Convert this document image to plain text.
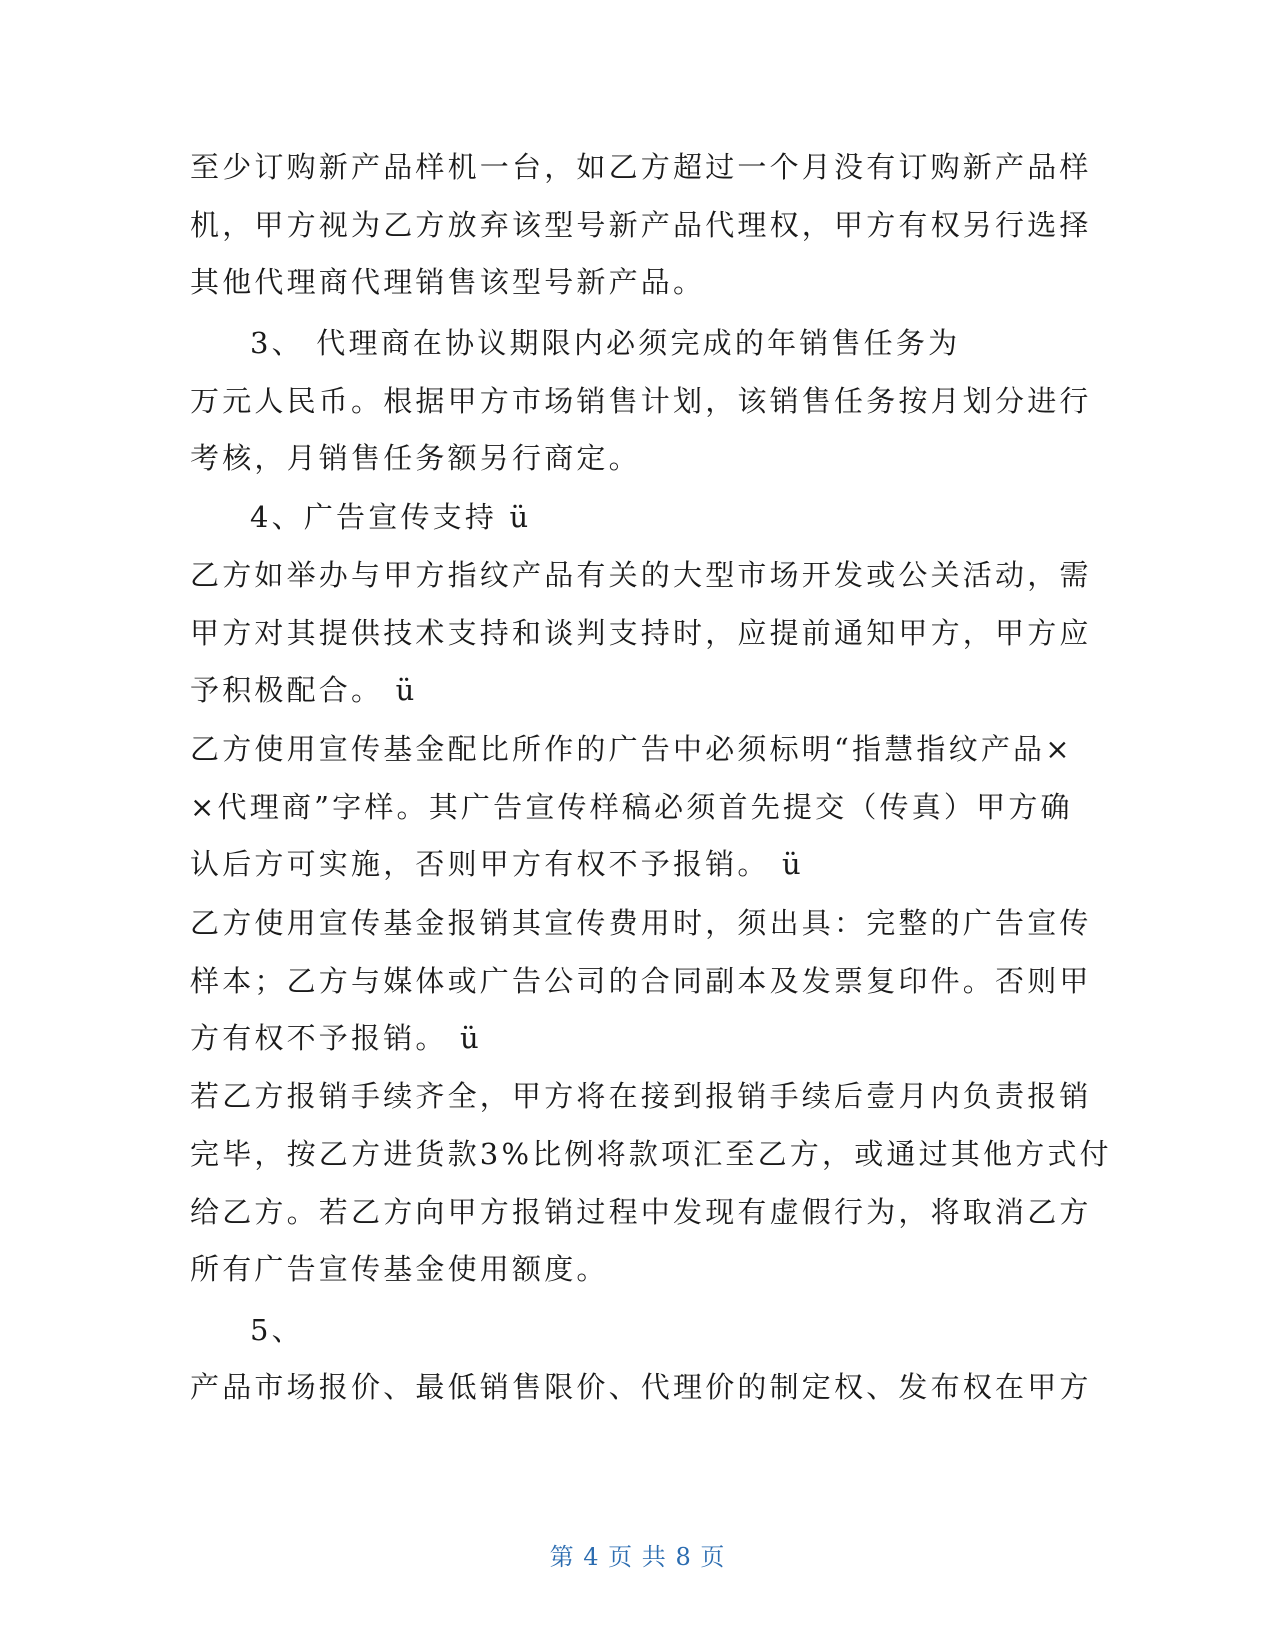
至少订购新产品样机一台，如乙方超过一个月没有订购新产品样
机，甲方视为乙方放弃该型号新产品代理权，甲方有权另行选择
其他代理商代理销售该型号新产品。
3、 代理商在协议期限内必须完成的年销售任务为
万元人民币。根据甲方市场销售计划，该销售任务按月划分进行
考核，月销售任务额另行商定。
4、广告宣传支持 ü
乙方如举办与甲方指纹产品有关的大型市场开发或公关活动，需
甲方对其提供技术支持和谈判支持时，应提前通知甲方，甲方应
予积极配合。 ü
乙方使用宣传基金配比所作的广告中必须标明“指慧指纹产品×
×代理商”字样。其广告宣传样稿必须首先提交（传真）甲方确
认后方可实施，否则甲方有权不予报销。 ü
乙方使用宣传基金报销其宣传费用时，须出具：完整的广告宣传
样本；乙方与媒体或广告公司的合同副本及发票复印件。否则甲
方有权不予报销。 ü
若乙方报销手续齐全，甲方将在接到报销手续后壹月内负责报销
完毕，按乙方进货款3%比例将款项汇至乙方，或通过其他方式付
给乙方。若乙方向甲方报销过程中发现有虚假行为，将取消乙方
所有广告宣传基金使用额度。
5、
产品市场报价、最低销售限价、代理价的制定权、发布权在甲方
第 4 页 共 8 页
